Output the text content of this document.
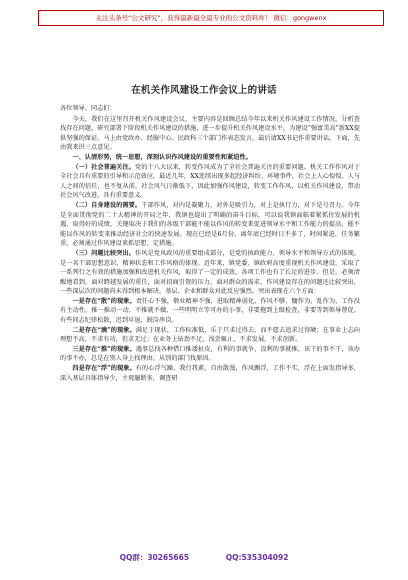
关注头条号“公文研究”，获得最新最全最专业的公文资料库！ 微信：gongwenx
在机关作风建设工作会议上的讲话

各位领导、同志们：

今天，我们在这里召开机关作风建设会议，主要内容是回顾总结今年以来机关作风建设工作情况，分析查找存在问题，研究部署下阶段机关作风建设的措施，进一步提升机关作风建设水平，为建设“强富美高”新XX提供坚强的保证。马上由党政办、经服中心、民政科三个部门作表态发言，最后请XX书记作重要讲话。下面，先由我来讲三点意见。

一、认清形势，统一思想，深刻认识作风建设的重要性和紧迫性。

（一）社会普遍关注。党的十八大以来，转变作风成为了全社会普遍关注的重要问题。机关工作作风对于全社会具有重要的引导和示范效应，最近几年，XX连续出现多起经济纠纷、环境事件，社会上人心惶惶，人与人之间的信任，也不复从前，社会风气日渐低下，因此加强作风建设，转变工作作风，以机关作风建设，带动社会风气改进，具有重要意义。

（二）自身建设的需要。干部作风，对内是凝聚力，对外是吸引力，对上是执行力，对下是号召力。今年是全面贯彻党的二十大精神的开局之年，我镇也提出了明确的奋斗目标，可以说我镇面临着紧抓住发展的机遇，取得好的成绩，关键取决于我们的各级干部能不能以作风的转变来促进领导水平和工作能力的提高，能不能以作风的转变来推动经济社会的快速发展。现在已经是6月份，离年底已经时日不多了，时间紧迫，任务繁重，必须通过作风建设来抓思想、定措施。

（三）问题比较突出。作风是党风政风的重要组成部分，是党的执政能力、领导水平和领导方式的体现。是一名干部思想意识、精神状态和工作风格的体现。近年来，镇党委、镇政府高度重视机关作风建设，采取了一系列行之有效的措施加强和改进机关作风，取得了一定的成效，各项工作也有了长足的进步。但是，必须清醒地看到，面对跨越发展的重任，面对招商引资的压力，面对群众的需求，作风建设存在的问题还比较突出，一些深层次的问题尚未得到根本解决。基层、企业和群众对此反应强烈。突出表现在六个方面：

一是存在“散”的现象。责任心不强，敬业精神不强，进取精神弱化，作风不够、慵作为、乱作为，工作没有主动性，推一推动一动，不推就不做，一些明明立等可办的小事，非要拖到上级检查，非要等到领导督促。有些同志纪律松散，迟到早退，脱岗串岗。

二是存在“滴”的现象。满足于现状，工作标准低，乐于只求过得去，而不愿去追求过得硬；在事业上志向理想不高，不求有功，但求无过；在业务上钻劲不足，浅尝辄止，不求发展，不求创新。

三是存在“推”的现象。遇事总找各种借口推诿扯皮，有利的事就争，没利的事就推，该干的事不干，该办的事不办，总是在别人身上找理由，从别的部门找原因。

四是存在“浮”的现象。有的心浮气躁，我行我素，自由散漫，作风飘浮，工作不实，浮在上面发指导多，深入基层具体指导少，主观臆断多，调查研

QQ群：30265665	QQ:535304092
